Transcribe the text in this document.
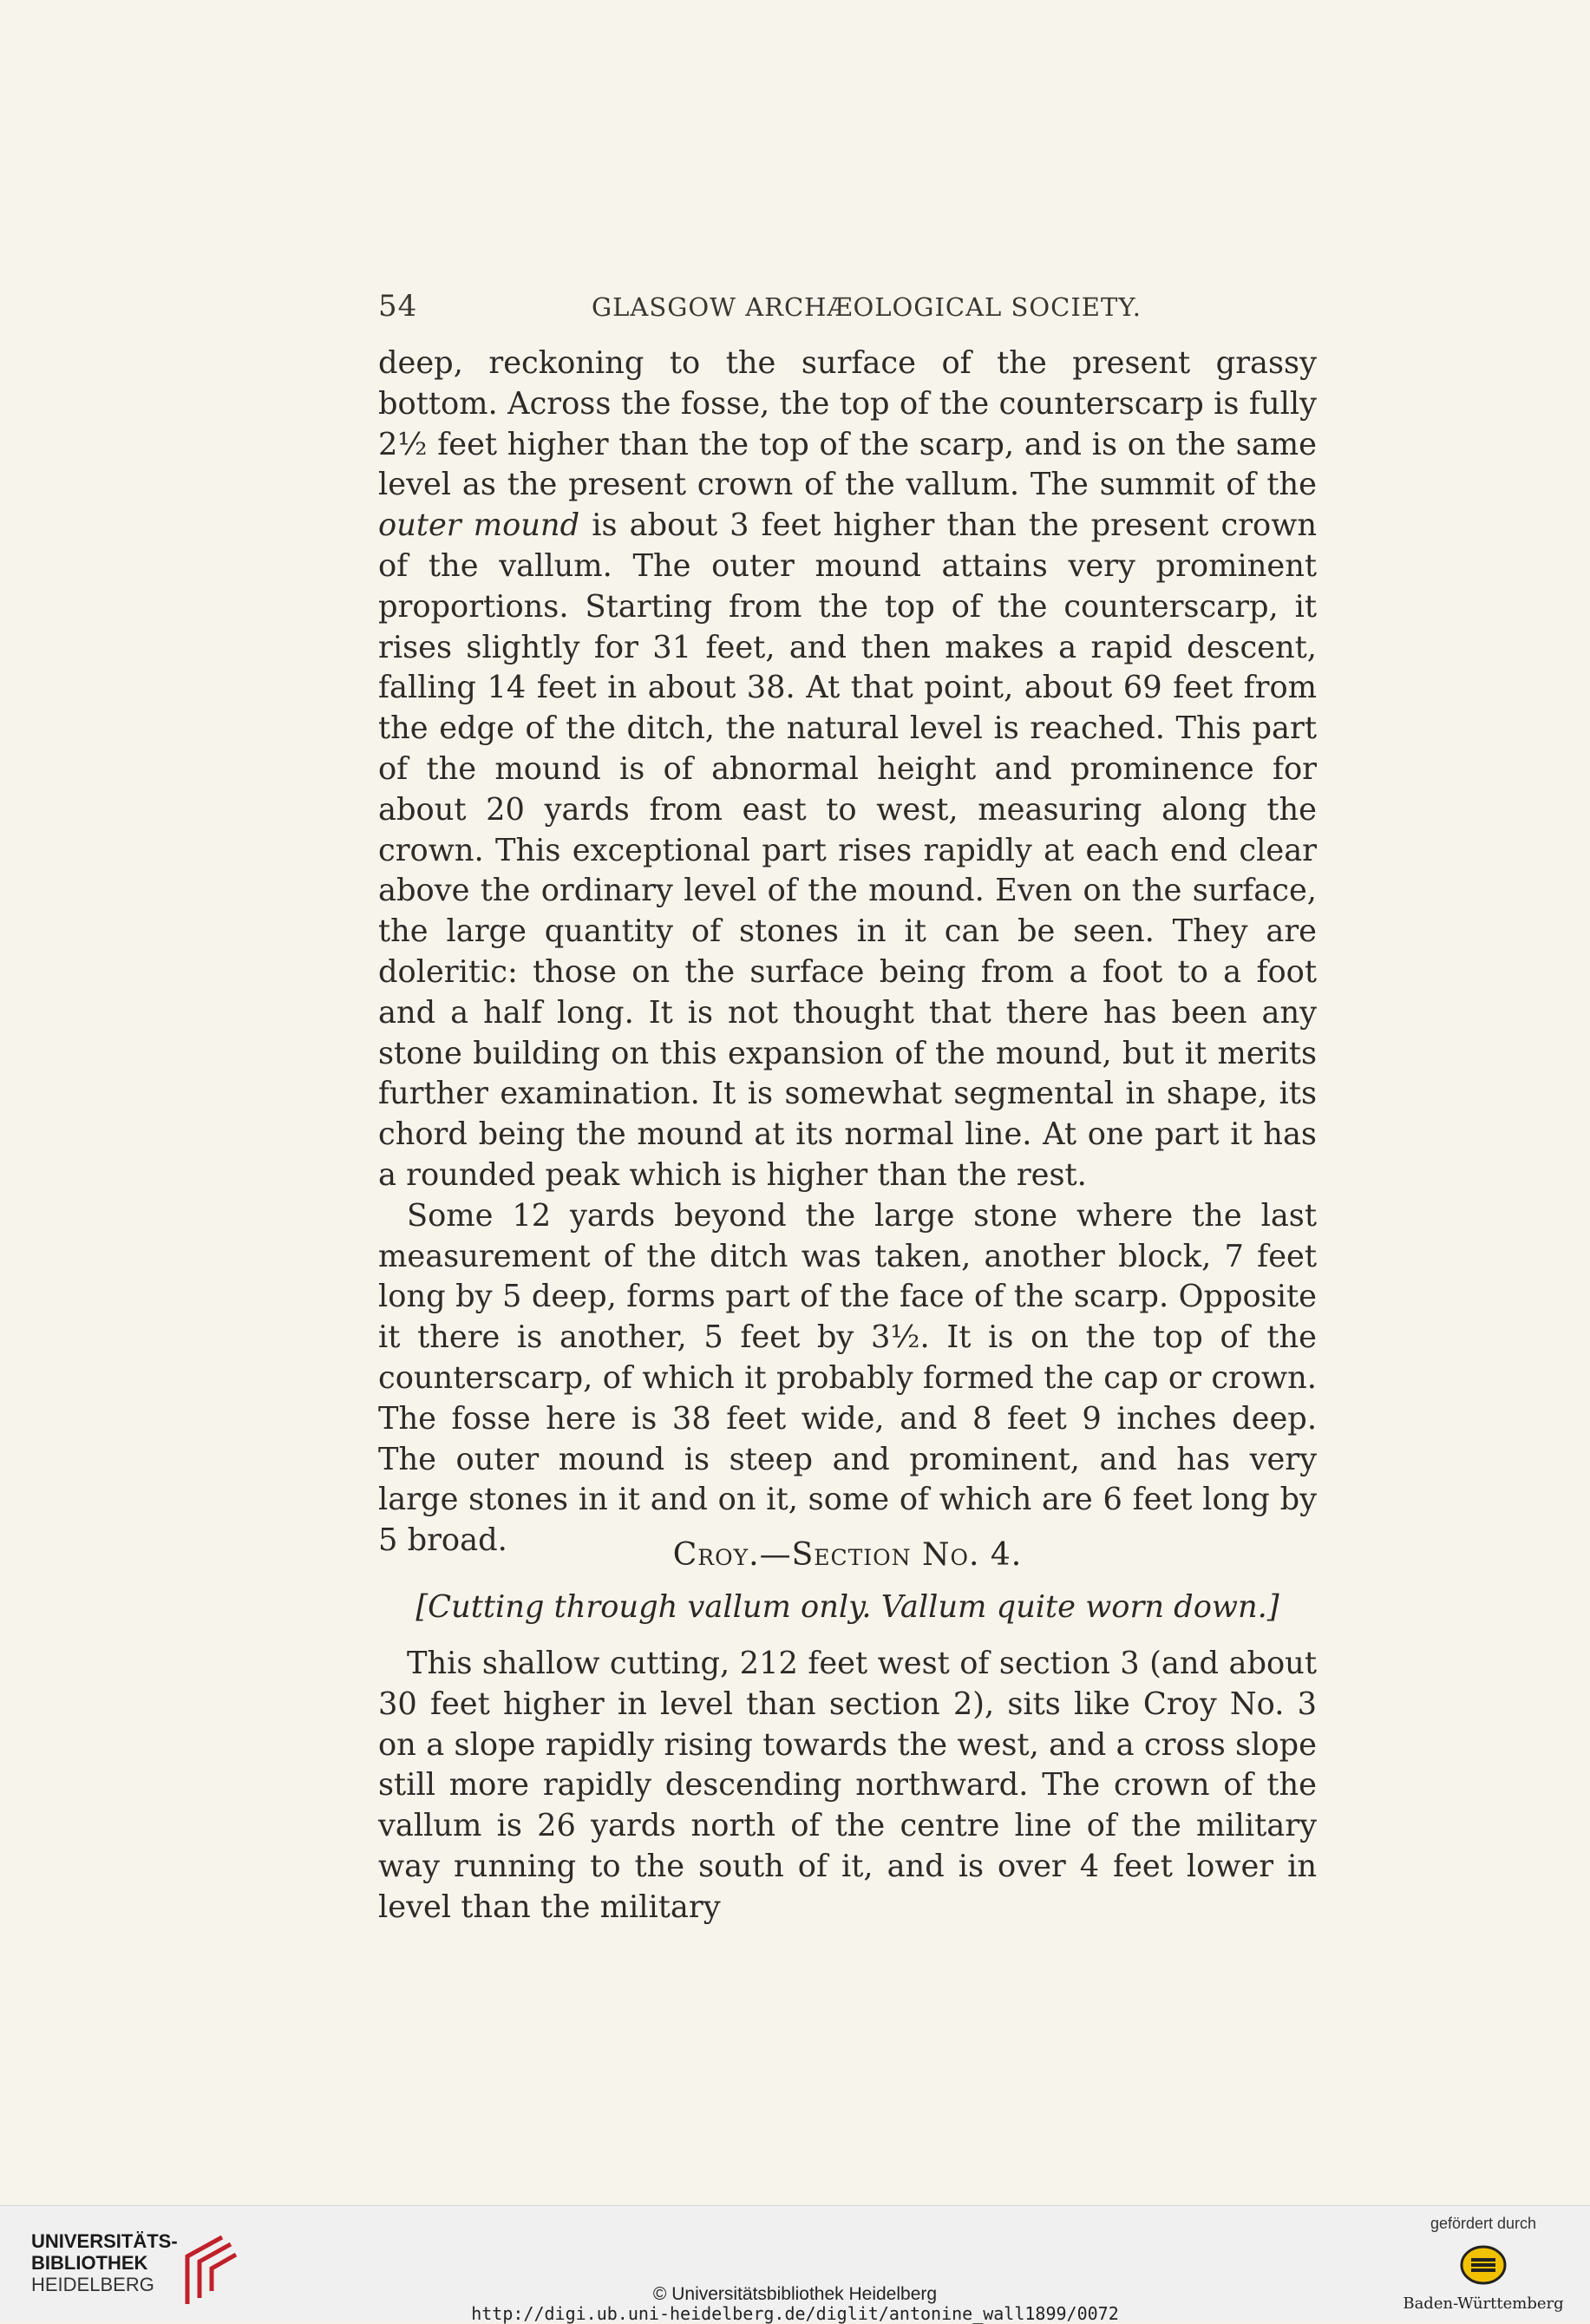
54	GLASGOW ARCHÆOLOGICAL SOCIETY.

deep, reckoning to the surface of the present grassy bottom. Across the fosse, the top of the counterscarp is fully 2½ feet higher than the top of the scarp, and is on the same level as the present crown of the vallum. The summit of the outer mound is about 3 feet higher than the present crown of the vallum. The outer mound attains very prominent proportions. Starting from the top of the counterscarp, it rises slightly for 31 feet, and then makes a rapid descent, falling 14 feet in about 38. At that point, about 69 feet from the edge of the ditch, the natural level is reached. This part of the mound is of abnormal height and prominence for about 20 yards from east to west, measuring along the crown. This exceptional part rises rapidly at each end clear above the ordinary level of the mound. Even on the surface, the large quantity of stones in it can be seen. They are doleritic: those on the surface being from a foot to a foot and a half long. It is not thought that there has been any stone building on this expansion of the mound, but it merits further examination. It is somewhat segmental in shape, its chord being the mound at its normal line. At one part it has a rounded peak which is higher than the rest.

Some 12 yards beyond the large stone where the last measurement of the ditch was taken, another block, 7 feet long by 5 deep, forms part of the face of the scarp. Opposite it there is another, 5 feet by 3½. It is on the top of the counterscarp, of which it probably formed the cap or crown. The fosse here is 38 feet wide, and 8 feet 9 inches deep. The outer mound is steep and prominent, and has very large stones in it and on it, some of which are 6 feet long by 5 broad.	Croy.—Section No. 4.
[Cutting through vallum only. Vallum quite worn down.]

This shallow cutting, 212 feet west of section 3 (and about 30 feet higher in level than section 2), sits like Croy No. 3 on a slope rapidly rising towards the west, and a cross slope still more rapidly descending northward. The crown of the vallum is 26 yards north of the centre line of the military way running to the south of it, and is over 4 feet lower in level than the military

UNIVERSITÄTS-
BIBLIOTHEK
HEIDELBERG	© Universitätsbibliothek Heidelberg
http://digi.ub.uni-heidelberg.de/diglit/antonine_wall1899/0072
gefördert durch
Baden-Württemberg
